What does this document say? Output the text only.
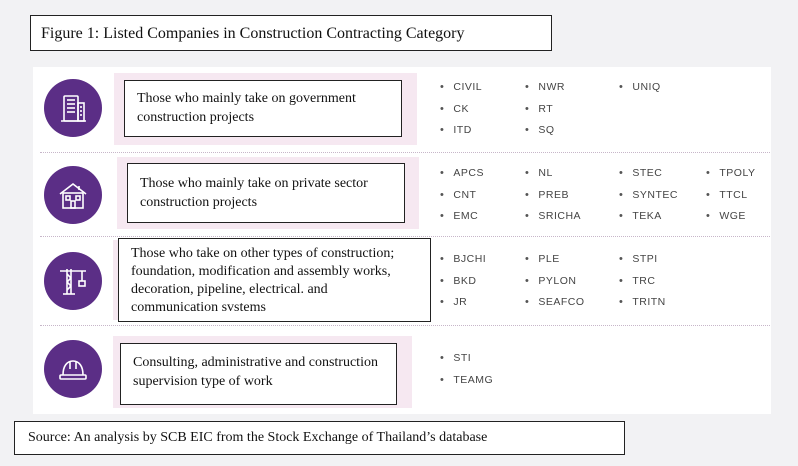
Figure 1: Listed Companies in Construction Contracting Category
Those who mainly take on government construction projects
• CIVIL
• CK
• ITD
• NWR
• RT
• SQ
• UNIQ
Those who mainly take on private sector construction projects
• APCS
• CNT
• EMC
• NL
• PREB
• SRICHA
• STEC
• SYNTEC
• TEKA
• TPOLY
• TTCL
• WGE
Those who take on other types of construction; foundation, modification and assembly works, decoration, pipeline, electrical. and communication svstems
• BJCHI
• BKD
• JR
• PLE
• PYLON
• SEAFCO
• STPI
• TRC
• TRITN
Consulting, administrative and construction supervision type of work
• STI
• TEAMG
Source: An analysis by SCB EIC from the Stock Exchange of Thailand’s database
